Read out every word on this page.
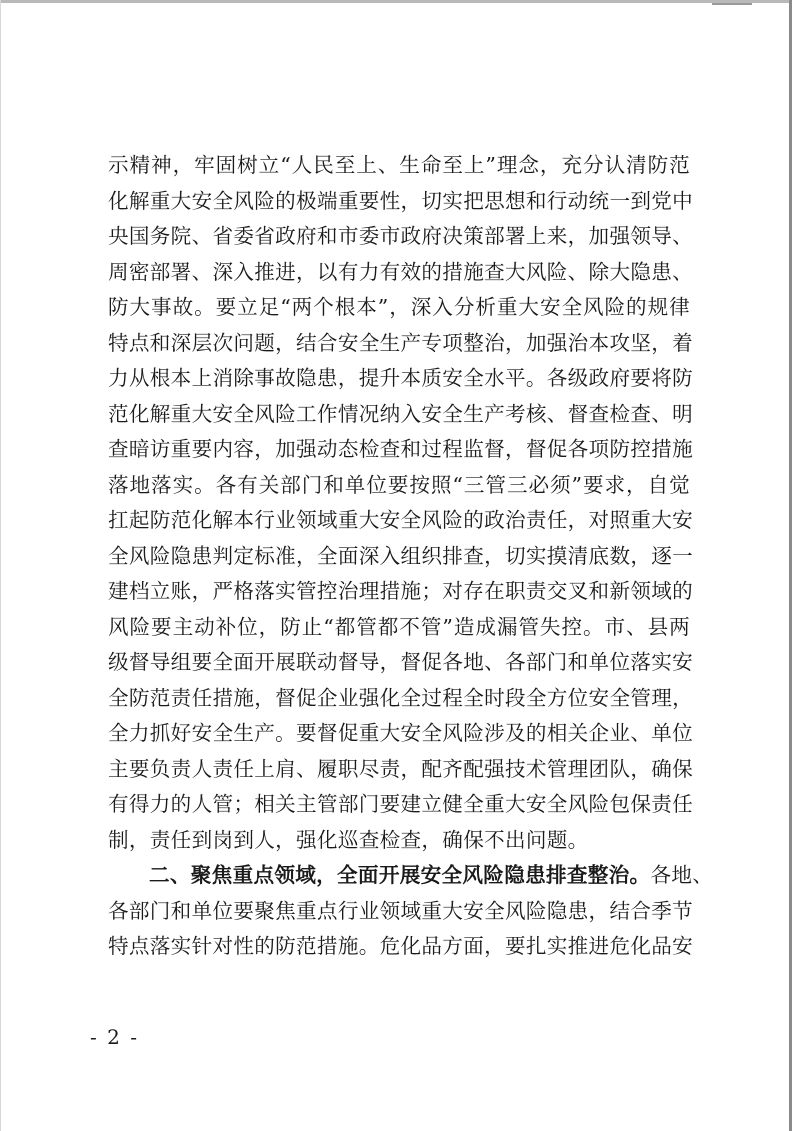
示精神，牢固树立“人民至上、生命至上”理念，充分认清防范
化解重大安全风险的极端重要性，切实把思想和行动统一到党中
央国务院、省委省政府和市委市政府决策部署上来，加强领导、
周密部署、深入推进，以有力有效的措施查大风险、除大隐患、
防大事故。要立足“两个根本”，深入分析重大安全风险的规律
特点和深层次问题，结合安全生产专项整治，加强治本攻坚，着
力从根本上消除事故隐患，提升本质安全水平。各级政府要将防
范化解重大安全风险工作情况纳入安全生产考核、督查检查、明
查暗访重要内容，加强动态检查和过程监督，督促各项防控措施
落地落实。各有关部门和单位要按照“三管三必须”要求，自觉
扛起防范化解本行业领域重大安全风险的政治责任，对照重大安
全风险隐患判定标准，全面深入组织排查，切实摸清底数，逐一
建档立账，严格落实管控治理措施；对存在职责交叉和新领域的
风险要主动补位，防止“都管都不管”造成漏管失控。市、县两
级督导组要全面开展联动督导，督促各地、各部门和单位落实安
全防范责任措施，督促企业强化全过程全时段全方位安全管理，
全力抓好安全生产。要督促重大安全风险涉及的相关企业、单位
主要负责人责任上肩、履职尽责，配齐配强技术管理团队，确保
有得力的人管；相关主管部门要建立健全重大安全风险包保责任
制，责任到岗到人，强化巡查检查，确保不出问题。
二、聚焦重点领域，全面开展安全风险隐患排查整治。各地、
各部门和单位要聚焦重点行业领域重大安全风险隐患，结合季节
特点落实针对性的防范措施。危化品方面，要扎实推进危化品安
- 2 -
